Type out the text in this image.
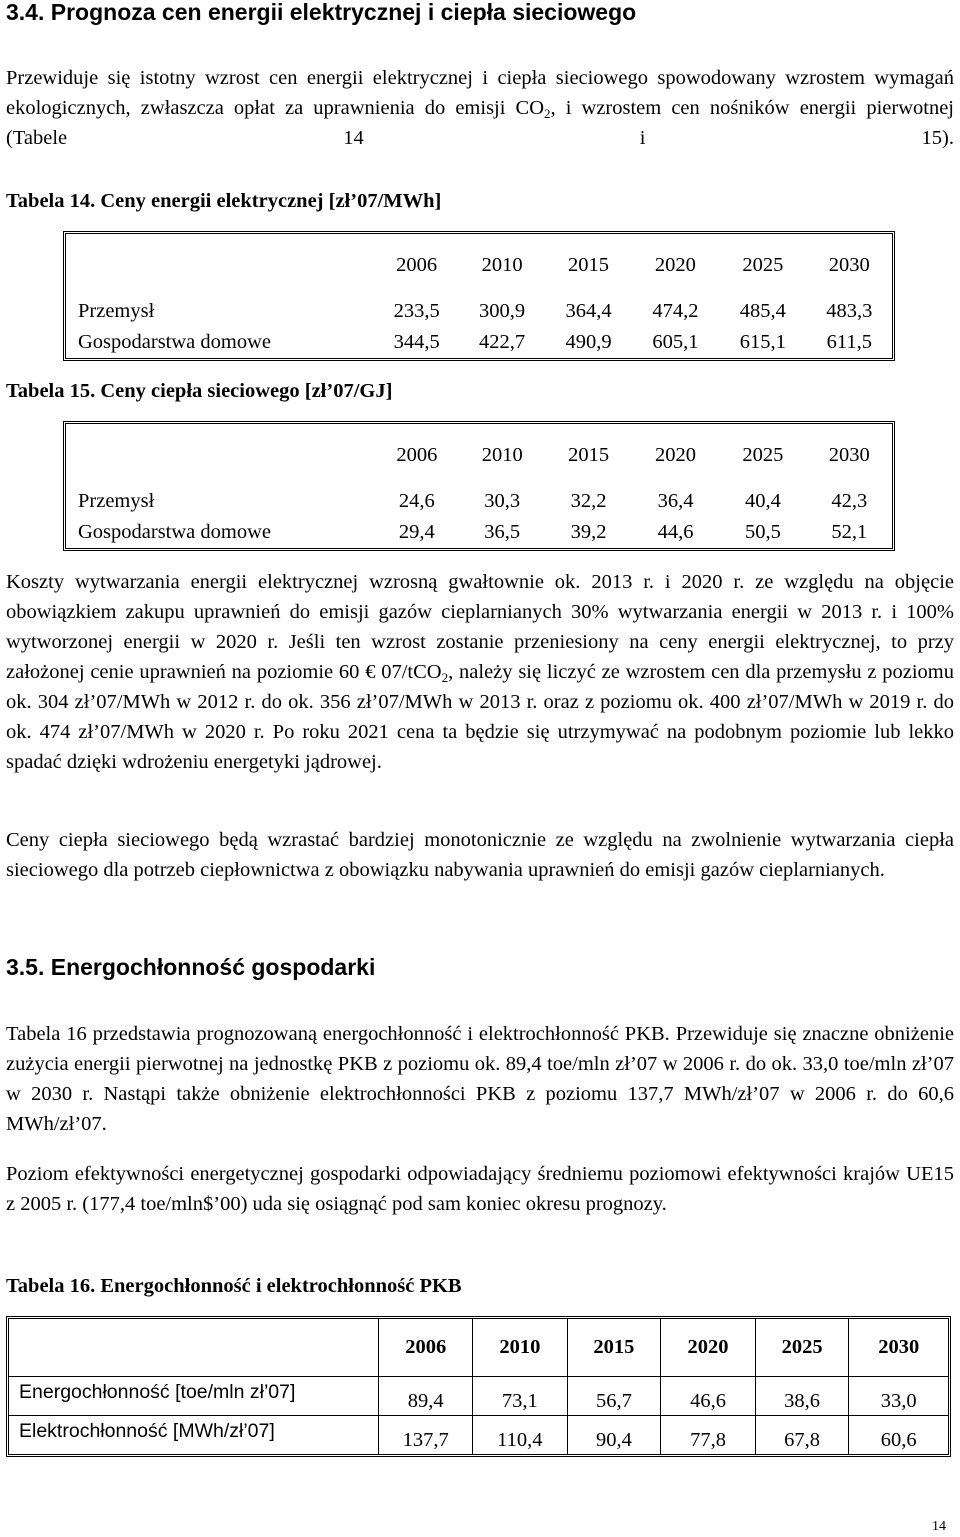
3.4. Prognoza cen energii elektrycznej i ciepła sieciowego

Przewiduje się istotny wzrost cen energii elektrycznej i ciepła sieciowego spowodowany wzrostem wymagań ekologicznych, zwłaszcza opłat za uprawnienia do emisji $CO_2$, i wzrostem cen nośników energii pierwotnej (Tabele 14 i 15).

Tabela 14. Ceny energii elektrycznej [zł’07/MWh]

	2006	2010	2015	2020	2025	2030
Przemysł	233,5	300,9	364,4	474,2	485,4	483,3
Gospodarstwa domowe	344,5	422,7	490,9	605,1	615,1	611,5

Tabela 15. Ceny ciepła sieciowego [zł’07/GJ]

	2006	2010	2015	2020	2025	2030
Przemysł	24,6	30,3	32,2	36,4	40,4	42,3
Gospodarstwa domowe	29,4	36,5	39,2	44,6	50,5	52,1

Koszty wytwarzania energii elektrycznej wzrosną gwałtownie ok. 2013 r. i 2020 r. ze względu na objęcie obowiązkiem zakupu uprawnień do emisji gazów cieplarnianych 30% wytwarzania energii w 2013 r. i 100% wytworzonej energii w 2020 r. Jeśli ten wzrost zostanie przeniesiony na ceny energii elektrycznej, to przy założonej cenie uprawnień na poziomie 60 € 07/tCO$_2$, należy się liczyć ze wzrostem cen dla przemysłu z poziomu ok. 304 zł’07/MWh w 2012 r. do ok. 356 zł’07/MWh w 2013 r. oraz z poziomu ok. 400 zł’07/MWh w 2019 r. do ok. 474 zł’07/MWh w 2020 r. Po roku 2021 cena ta będzie się utrzymywać na podobnym poziomie lub lekko spadać dzięki wdrożeniu energetyki jądrowej.

Ceny ciepła sieciowego będą wzrastać bardziej monotonicznie ze względu na zwolnienie wytwarzania ciepła sieciowego dla potrzeb ciepłownictwa z obowiązku nabywania uprawnień do emisji gazów cieplarnianych.

3.5. Energochłonność gospodarki

Tabela 16 przedstawia prognozowaną energochłonność i elektrochłonność PKB. Przewiduje się znaczne obniżenie zużycia energii pierwotnej na jednostkę PKB z poziomu ok. 89,4 toe/mln zł’07 w 2006 r. do ok. 33,0 toe/mln zł’07 w 2030 r. Nastąpi także obniżenie elektrochłonności PKB z poziomu 137,7 MWh/zł’07 w 2006 r. do 60,6 MWh/zł’07.

Poziom efektywności energetycznej gospodarki odpowiadający średniemu poziomowi efektywności krajów UE15 z 2005 r. (177,4 toe/mln$’00) uda się osiągnąć pod sam koniec okresu prognozy.

Tabela 16. Energochłonność i elektrochłonność PKB

	2006	2010	2015	2020	2025	2030
Energochłonność [toe/mln zł’07]	89,4	73,1	56,7	46,6	38,6	33,0
Elektrochłonność [MWh/zł’07]	137,7	110,4	90,4	77,8	67,8	60,6

14
